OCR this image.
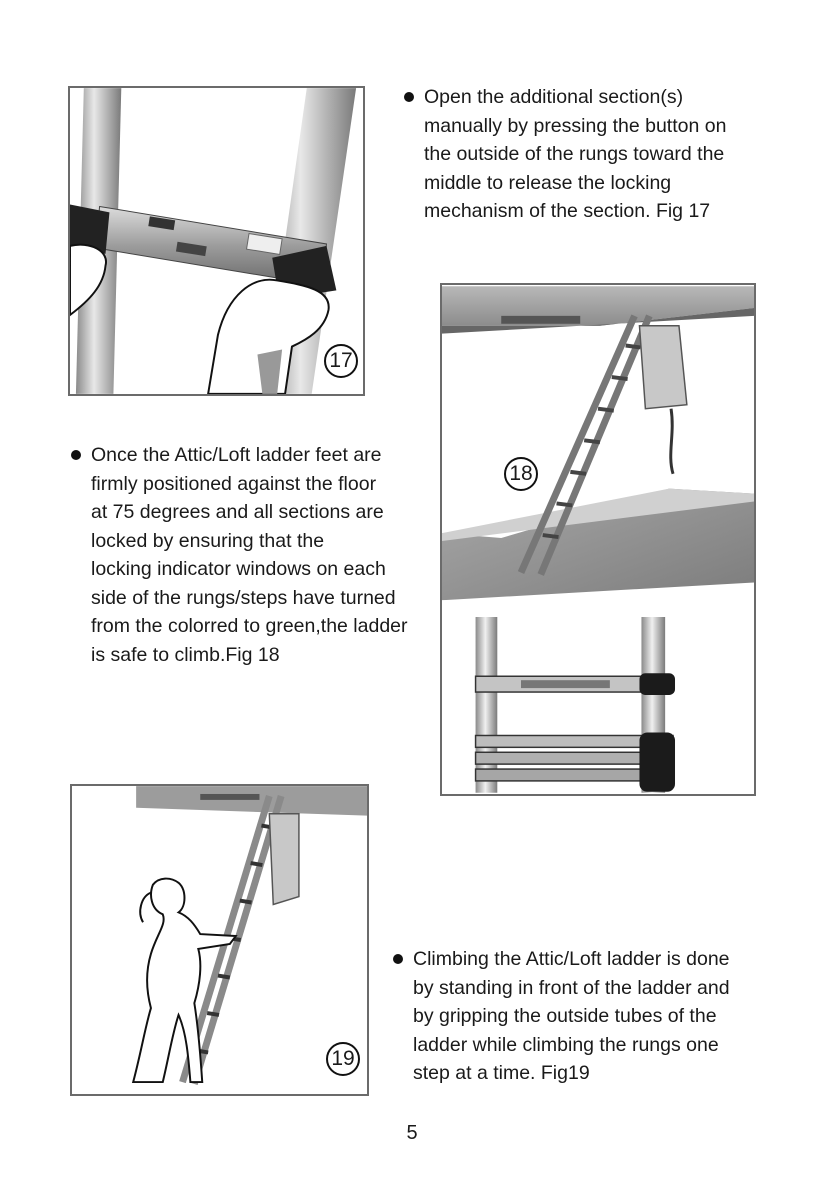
17
Open the additional section(s)
manually by pressing the button on
the outside of the rungs toward the
middle to release the locking
mechanism of the section. Fig 17
18
Once the Attic/Loft ladder feet are
firmly positioned against the floor
at 75 degrees and all sections are
locked by ensuring that the
locking indicator windows on each
side of the rungs/steps have turned
from the colorred to green,the ladder
is safe to climb.Fig 18
19
Climbing the Attic/Loft ladder is done
by standing in front of the ladder and
by gripping the outside tubes of the
ladder while climbing the rungs one
step at a time. Fig19
5
